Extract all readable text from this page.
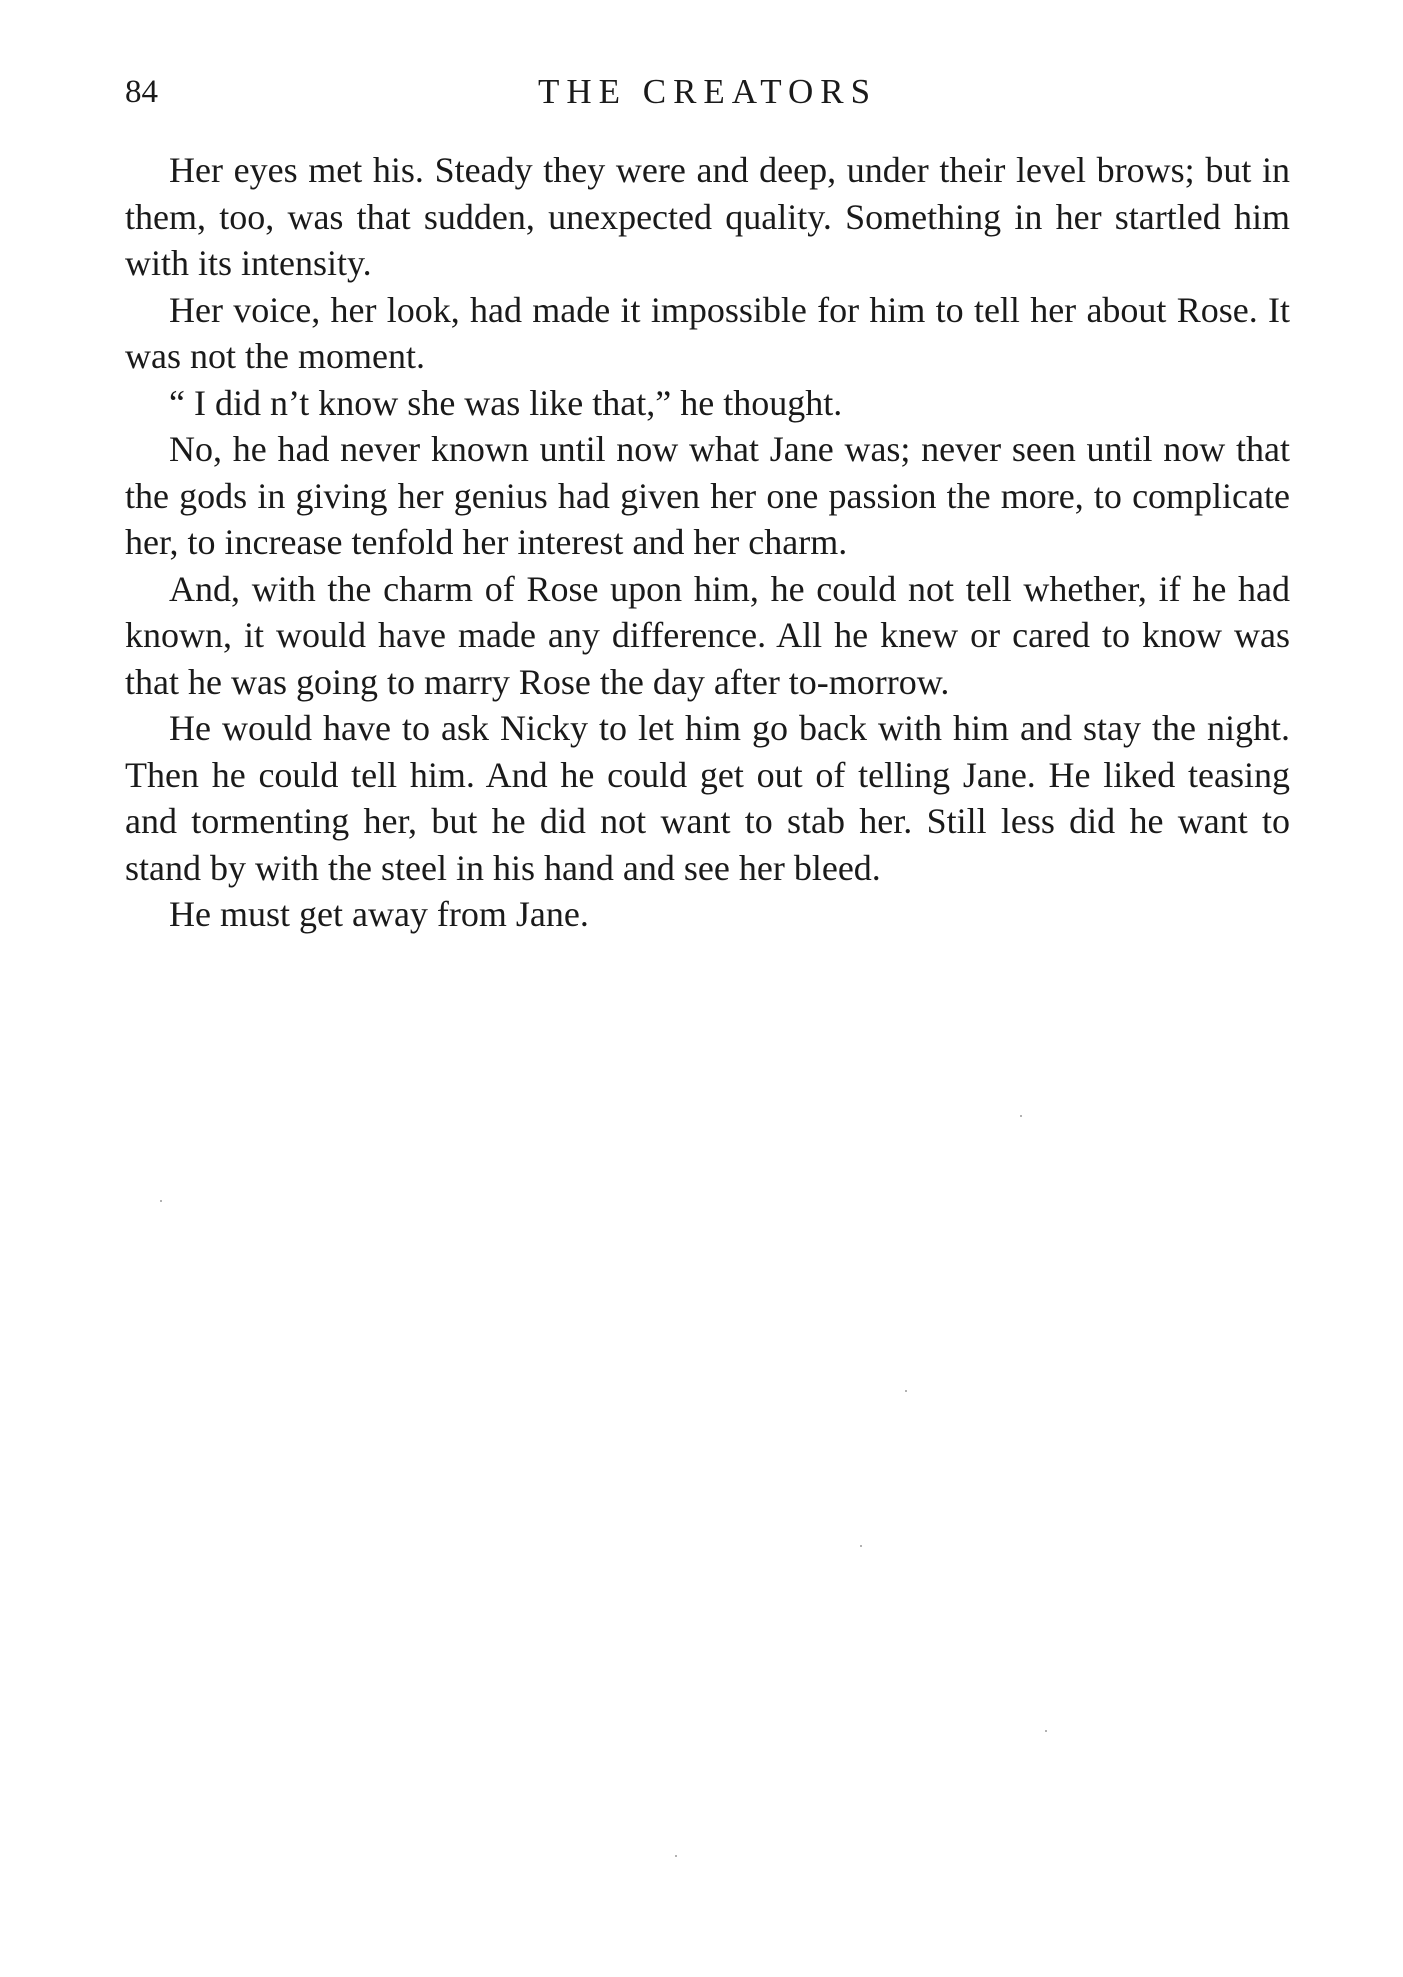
84	THE CREATORS

Her eyes met his. Steady they were and deep, under their level brows; but in them, too, was that sudden, unexpected quality. Something in her startled him with its intensity.

Her voice, her look, had made it impossible for him to tell her about Rose. It was not the moment.

“ I did n’t know she was like that,” he thought.

No, he had never known until now what Jane was; never seen until now that the gods in giving her genius had given her one passion the more, to complicate her, to increase tenfold her interest and her charm.

And, with the charm of Rose upon him, he could not tell whether, if he had known, it would have made any difference. All he knew or cared to know was that he was going to marry Rose the day after to-morrow.

He would have to ask Nicky to let him go back with him and stay the night. Then he could tell him. And he could get out of telling Jane. He liked teasing and tormenting her, but he did not want to stab her. Still less did he want to stand by with the steel in his hand and see her bleed.

He must get away from Jane.
